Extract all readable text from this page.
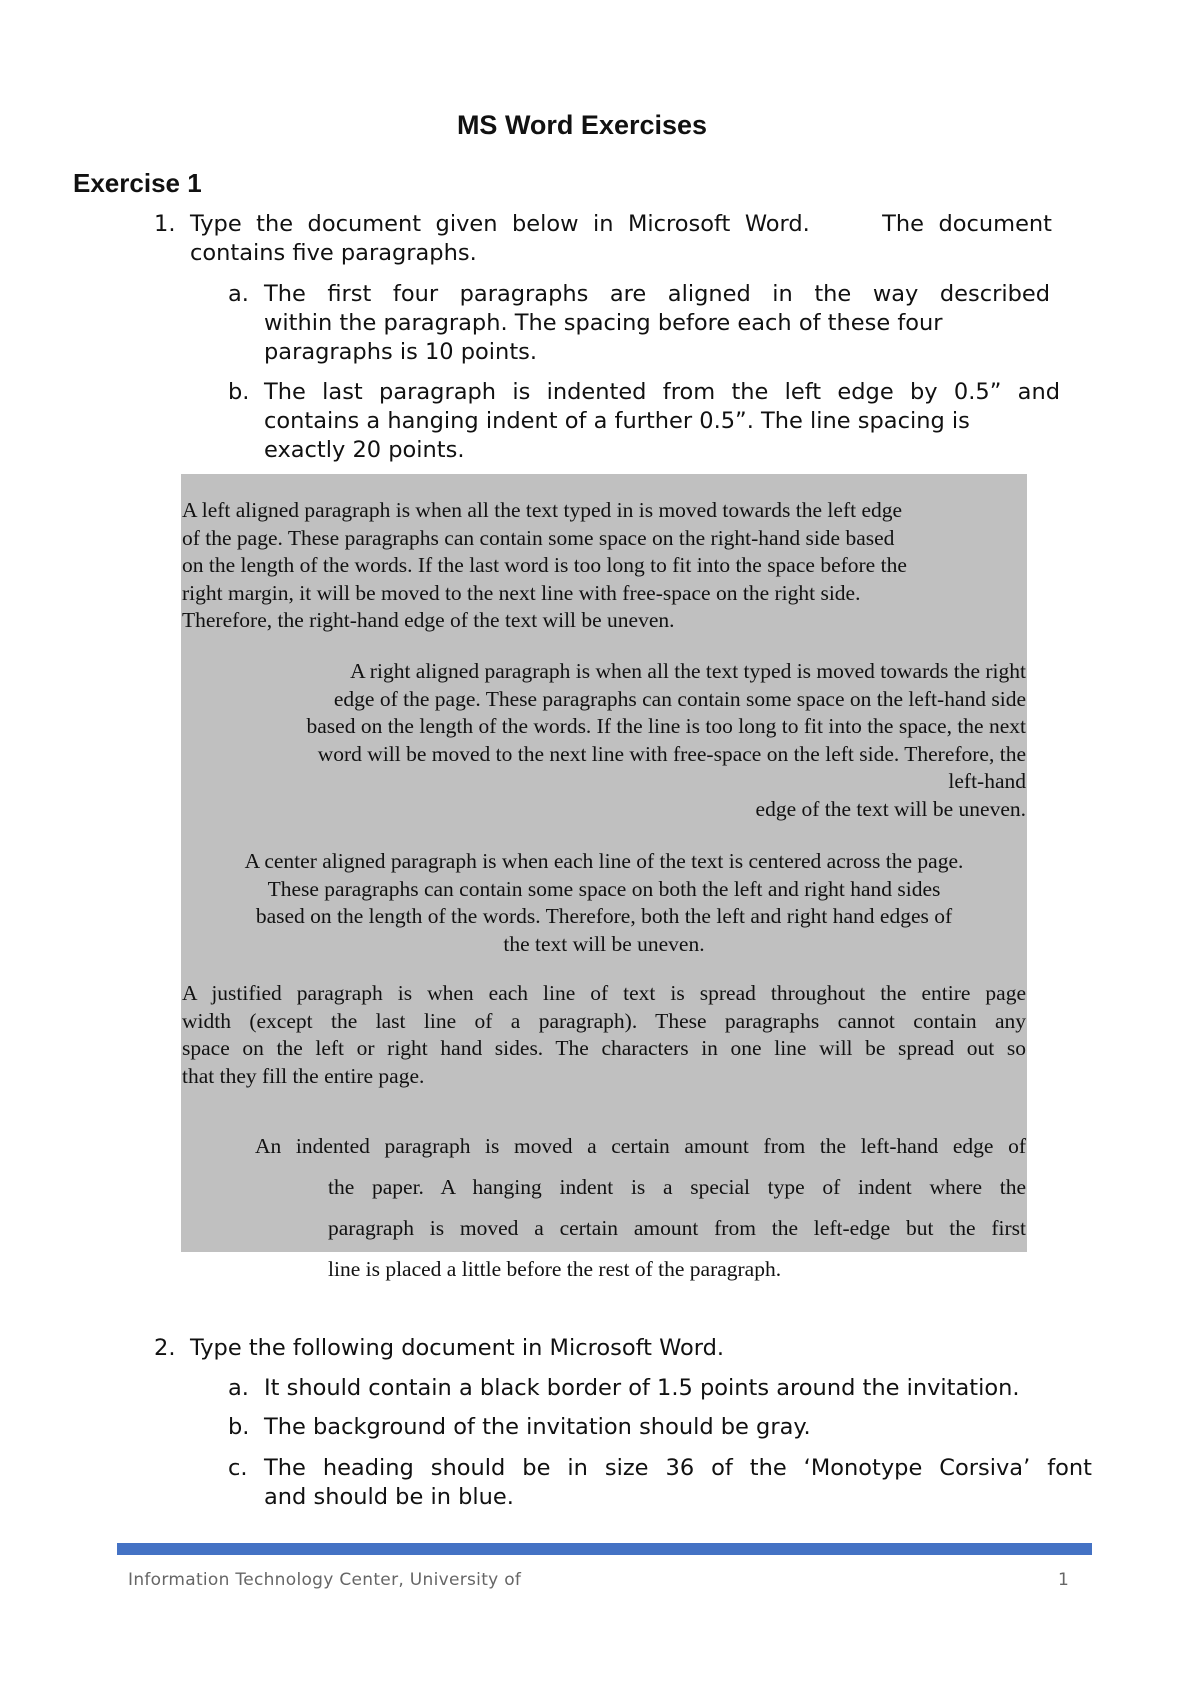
MS Word Exercises
Exercise 1
1. Type the document given below in Microsoft Word.     The document
contains five paragraphs.
a. The first four paragraphs are aligned in the way described
within the paragraph. The spacing before each of these four
paragraphs is 10 points.
b. The last paragraph is indented from the left edge by 0.5” and
contains a hanging indent of a further 0.5”. The line spacing is
exactly 20 points.
A left aligned paragraph is when all the text typed in is moved towards the left edge
of the page. These paragraphs can contain some space on the right-hand side based
on the length of the words. If the last word is too long to fit into the space before the
right margin, it will be moved to the next line with free-space on the right side.
Therefore, the right-hand edge of the text will be uneven.
A right aligned paragraph is when all the text typed is moved towards the right
edge of the page. These paragraphs can contain some space on the left-hand side
based on the length of the words. If the line is too long to fit into the space, the next
word will be moved to the next line with free-space on the left side. Therefore, the
left-hand
edge of the text will be uneven.
A center aligned paragraph is when each line of the text is centered across the page.
These paragraphs can contain some space on both the left and right hand sides
based on the length of the words. Therefore, both the left and right hand edges of
the text will be uneven.
A justified paragraph is when each line of text is spread throughout the entire page
width (except the last line of a paragraph). These paragraphs cannot contain any
space on the left or right hand sides. The characters in one line will be spread out so
that they fill the entire page.
An indented paragraph is moved a certain amount from the left-hand edge of
the paper. A hanging indent is a special type of indent where the
paragraph is moved a certain amount from the left-edge but the first
line is placed a little before the rest of the paragraph.
2. Type the following document in Microsoft Word.
a. It should contain a black border of 1.5 points around the invitation.
b. The background of the invitation should be gray.
c. The heading should be in size 36 of the ‘Monotype Corsiva’ font
and should be in blue.
Information Technology Center, University of	1
